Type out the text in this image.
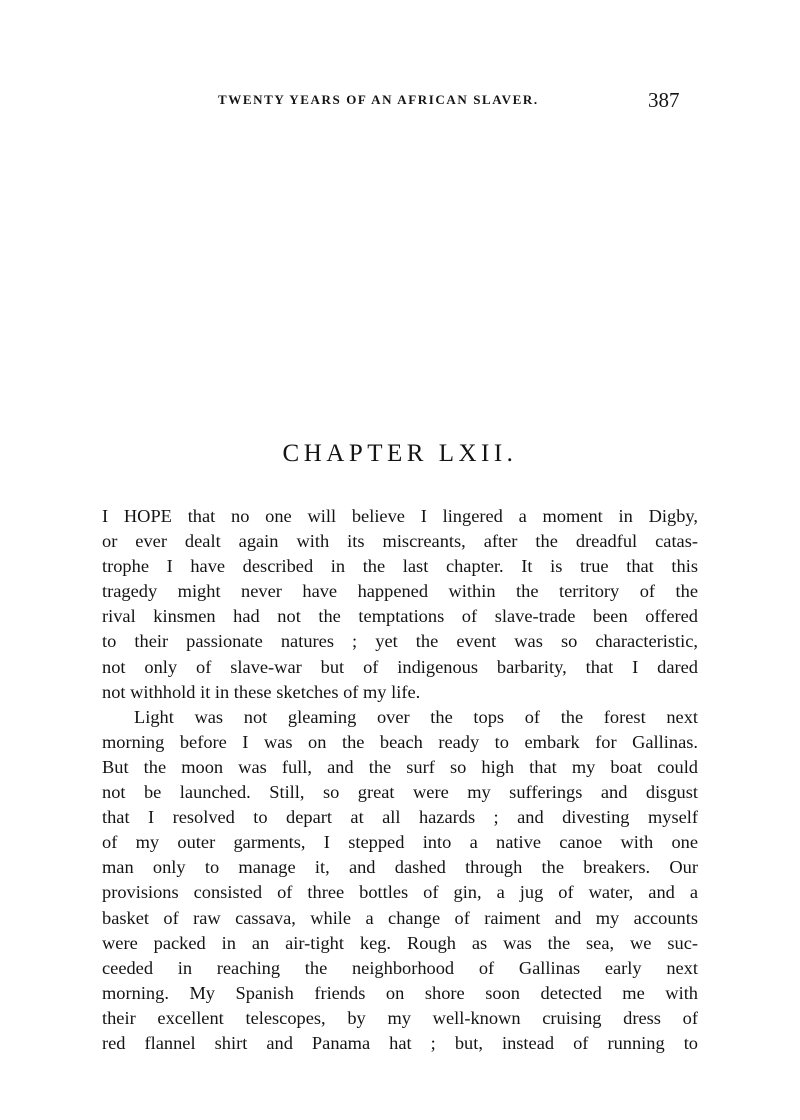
TWENTY YEARS OF AN AFRICAN SLAVER.	387
CHAPTER LXII.
I HOPE that no one will believe I lingered a moment in Digby,
or ever dealt again with its miscreants, after the dreadful catas-
trophe I have described in the last chapter. It is true that this
tragedy might never have happened within the territory of the
rival kinsmen had not the temptations of slave-trade been offered
to their passionate natures ; yet the event was so characteristic,
not only of slave-war but of indigenous barbarity, that I dared
not withhold it in these sketches of my life.
Light was not gleaming over the tops of the forest next
morning before I was on the beach ready to embark for Gallinas.
But the moon was full, and the surf so high that my boat could
not be launched. Still, so great were my sufferings and disgust
that I resolved to depart at all hazards ; and divesting myself
of my outer garments, I stepped into a native canoe with one
man only to manage it, and dashed through the breakers. Our
provisions consisted of three bottles of gin, a jug of water, and a
basket of raw cassava, while a change of raiment and my accounts
were packed in an air-tight keg. Rough as was the sea, we suc-
ceeded in reaching the neighborhood of Gallinas early next
morning. My Spanish friends on shore soon detected me with
their excellent telescopes, by my well-known cruising dress of
red flannel shirt and Panama hat ; but, instead of running to
